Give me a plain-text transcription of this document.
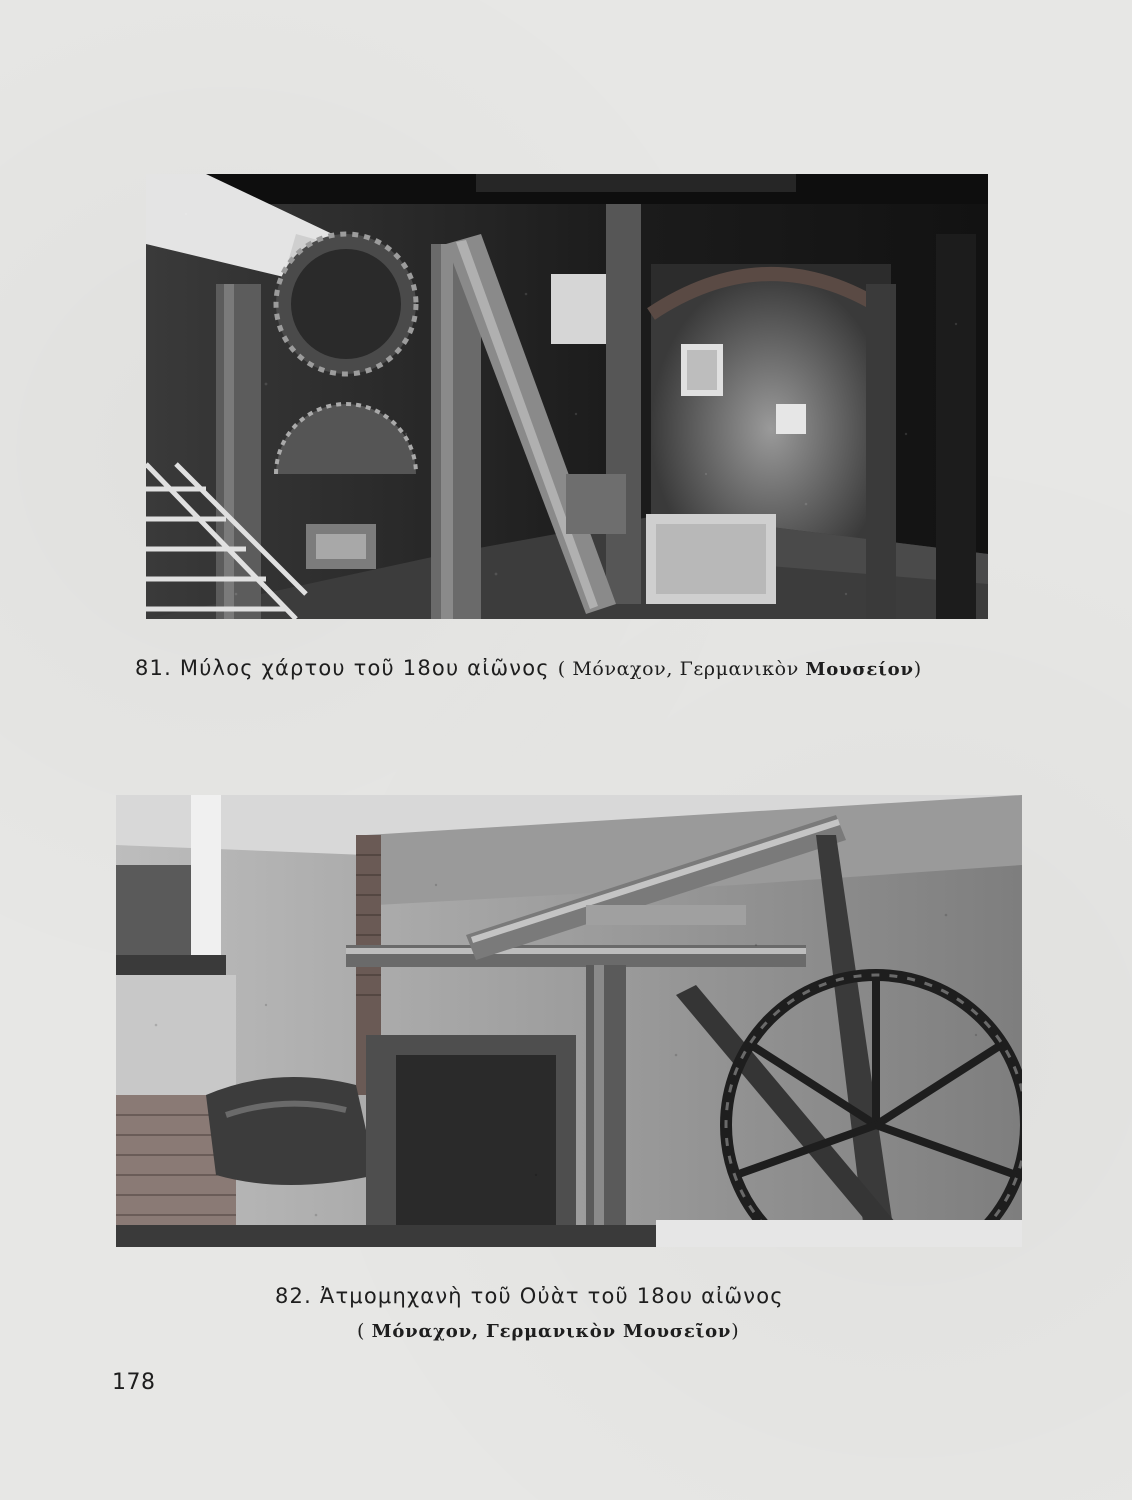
81. Μύλος χάρτου τοῦ 18ου αἰῶνος ( Μόναχον, Γερμανικὸν Μουσείον)
82. Ἀτμομηχανὴ τοῦ Οὐὰτ τοῦ 18ου αἰῶνος
( Μόναχον, Γερμανικὸν Μουσεῖον)
178
